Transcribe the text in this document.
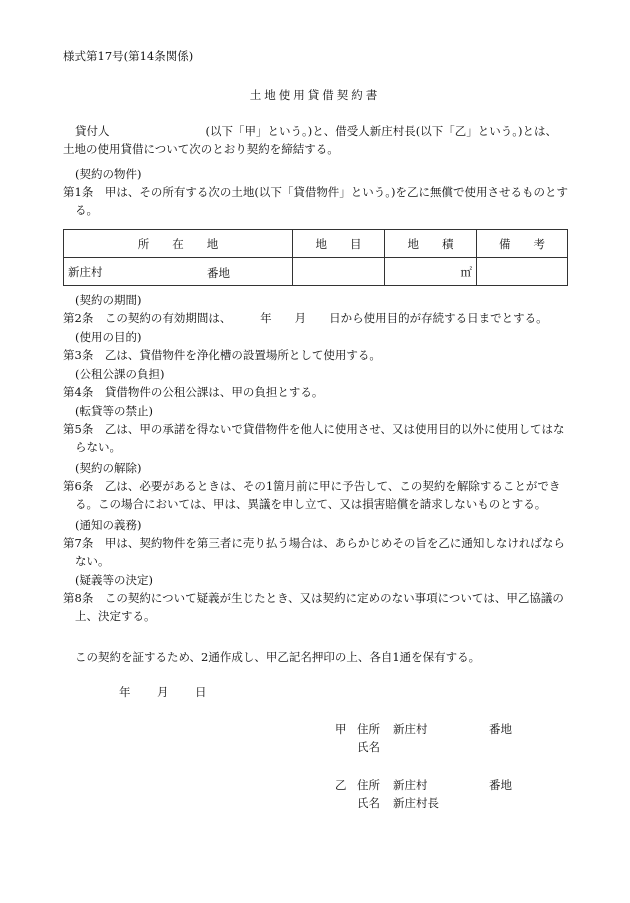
様式第17号(第14条関係)
土地使用貸借契約書
貸付人	(以下「甲」という。)と、借受人新庄村長(以下「乙」という。)とは、
土地の使用貸借について次のとおり契約を締結する。
(契約の物件)
第1条　 甲は、その所有する次の土地(以下「貸借物件」という。)を乙に無償で使用させるものとする。
所　　在　　地	地　　目	地　　積	備　　考
新庄村 番地		㎡	
(契約の期間)
第2条　 この契約の有効期間は、　　　年　　月　　日から使用目的が存続する日までとする。
(使用の目的)
第3条　 乙は、貸借物件を浄化槽の設置場所として使用する。
(公租公課の負担)
第4条　 貸借物件の公租公課は、甲の負担とする。
(転貸等の禁止)
第5条　 乙は、甲の承諾を得ないで貸借物件を他人に使用させ、又は使用目的以外に使用してはならない。
(契約の解除)
第6条　 乙は、必要があるときは、その1箇月前に甲に予告して、この契約を解除することができる。この場合においては、甲は、異議を申し立て、又は損害賠償を請求しないものとする。
(通知の義務)
第7条　 甲は、契約物件を第三者に売り払う場合は、あらかじめその旨を乙に通知しなければならない。
(疑義等の決定)
第8条　 この契約について疑義が生じたとき、又は契約に定めのない事項については、甲乙協議の上、決定する。
この契約を証するため、2通作成し、甲乙記名押印の上、各自1通を保有する。
年 月 日
甲 住所	新庄村	番地
氏名
乙 住所	新庄村	番地
氏名	新庄村長
